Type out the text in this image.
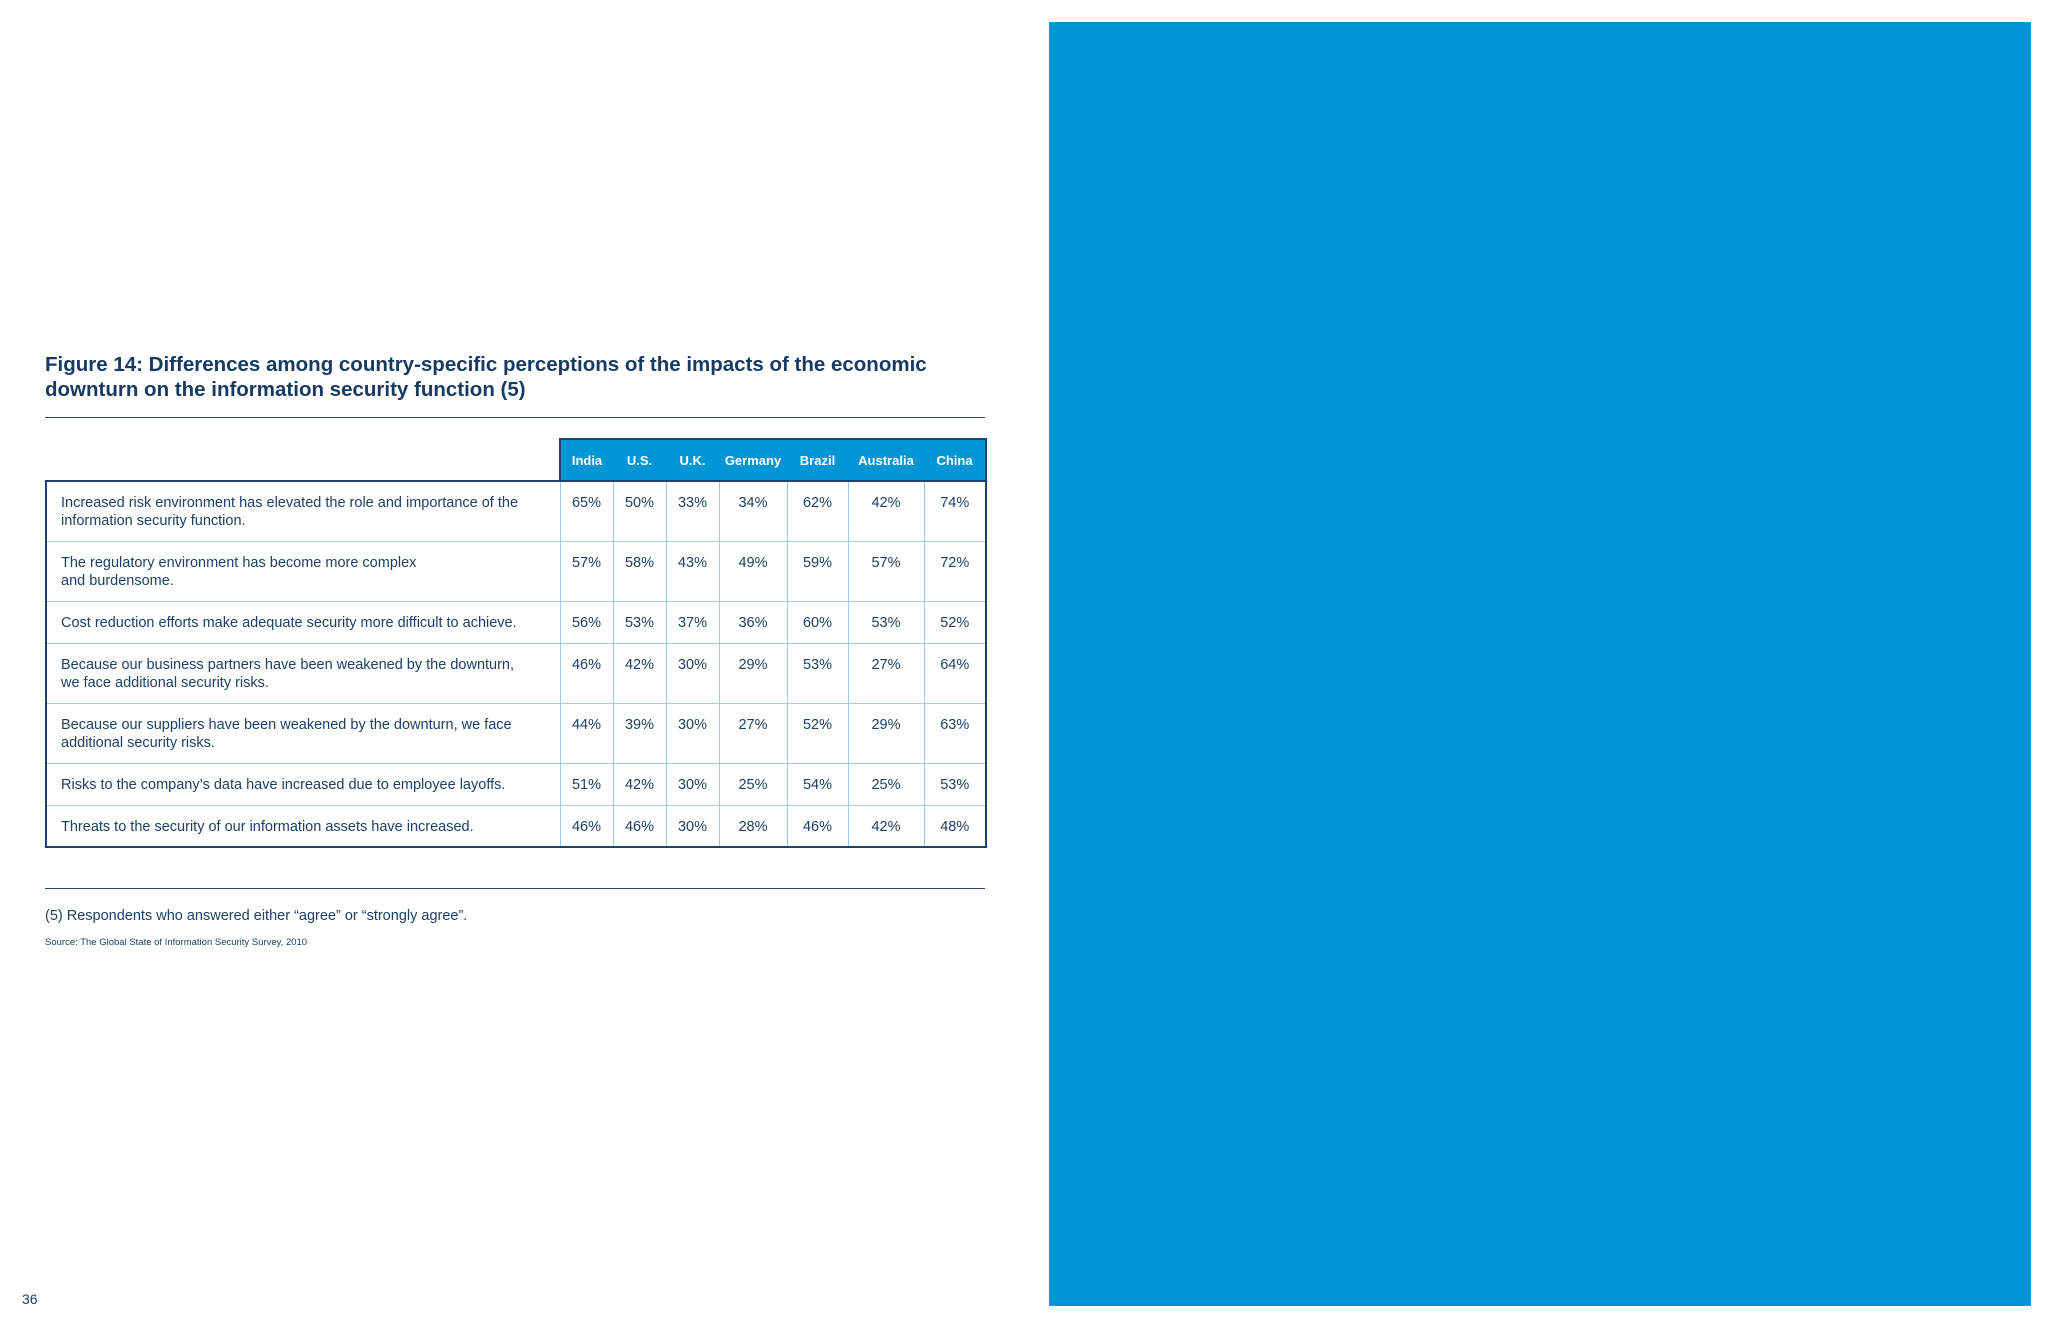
Figure 14: Differences among country-specific perceptions of the impacts of the economic
downturn on the information security function (5)
	India	U.S.	U.K.	Germany	Brazil	Australia	China

Increased risk environment has elevated the role and importance of the
information security function.	65%	50%	33%	34%	62%	42%	74%

The regulatory environment has become more complex
and burdensome.	57%	58%	43%	49%	59%	57%	72%

Cost reduction efforts make adequate security more difficult to achieve.	56%	53%	37%	36%	60%	53%	52%

Because our business partners have been weakened by the downturn,
we face additional security risks.	46%	42%	30%	29%	53%	27%	64%

Because our suppliers have been weakened by the downturn, we face
additional security risks.	44%	39%	30%	27%	52%	29%	63%

Risks to the company’s data have increased due to employee layoffs.	51%	42%	30%	25%	54%	25%	53%

Threats to the security of our information assets have increased.	46%	46%	30%	28%	46%	42%	48%
(5) Respondents who answered either “agree” or “strongly agree”.
Source: The Global State of Information Security Survey, 2010
36
